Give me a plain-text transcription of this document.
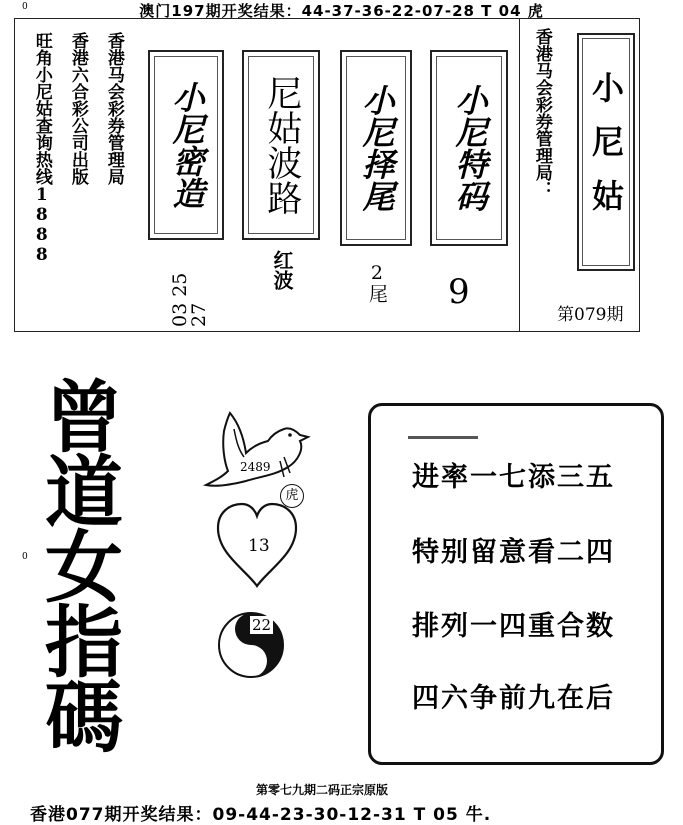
澳门197期开奖结果：44-37-36-22-07-28 T 04 虎
0
旺角小尼姑查询热线1888 香港六合彩公司出版 香港马会彩券管理局 小尼密造 尼姑波路 小尼择尾 小尼特码
03 25 27
红波	2尾 9
香港马会彩券管理局： 小尼姑
第079期
0 曾道女指碼	2489
虎
13
22
进率一七添三五
特别留意看二四
排列一四重合数
四六争前九在后
第零七九期二码正宗原版
香港077期开奖结果：09-44-23-30-12-31 T 05 牛.
